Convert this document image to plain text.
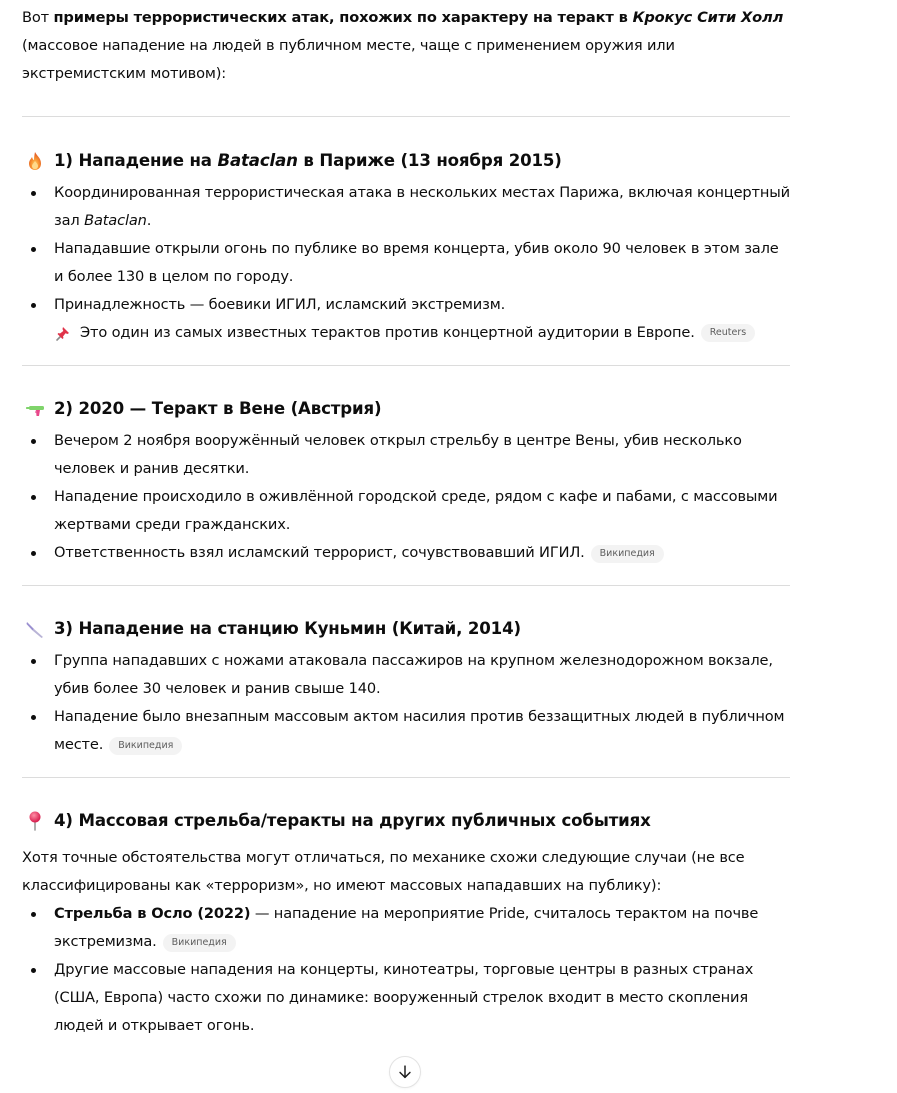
Вот примеры террористических атак, похожих по характеру на теракт в Крокус Сити Холл

(массовое нападение на людей в публичном месте, чаще с применением оружия или экстремистским мотивом):

1) Нападение на Bataclan в Париже (13 ноября 2015)
Координированная террористическая атака в нескольких местах Парижа, включая концертный зал Bataclan.
Нападавшие открыли огонь по публике во время концерта, убив около 90 человек в этом зале и более 130 в целом по городу.
Принадлежность — боевики ИГИЛ, исламский экстремизм.
Это один из самых известных терактов против концертной аудитории в Европе.	Reuters
2) 2020 — Теракт в Вене (Австрия)
Вечером 2 ноября вооружённый человек открыл стрельбу в центре Вены, убив несколько человек и ранив десятки.
Нападение происходило в оживлённой городской среде, рядом с кафе и пабами, с массовыми жертвами среди гражданских.
Ответственность взял исламский террорист, сочувствовавший ИГИЛ. Википедия
3) Нападение на станцию Куньмин (Китай, 2014)
Группа нападавших с ножами атаковала пассажиров на крупном железнодорожном вокзале, убив более 30 человек и ранив свыше 140.
Нападение было внезапным массовым актом насилия против беззащитных людей в публичном месте. Википедия
4) Массовая стрельба/теракты на других публичных событиях

Хотя точные обстоятельства могут отличаться, по механике схожи следующие случаи (не все классифицированы как «терроризм», но имеют массовых нападавших на публику):

Стрельба в Осло (2022) — нападение на мероприятие Pride, считалось терактом на почве экстремизма. Википедия
Другие массовые нападения на концерты, кинотеатры, торговые центры в разных странах (США, Европа) часто схожи по динамике: вооруженный стрелок входит в место скопления людей и открывает огонь.
